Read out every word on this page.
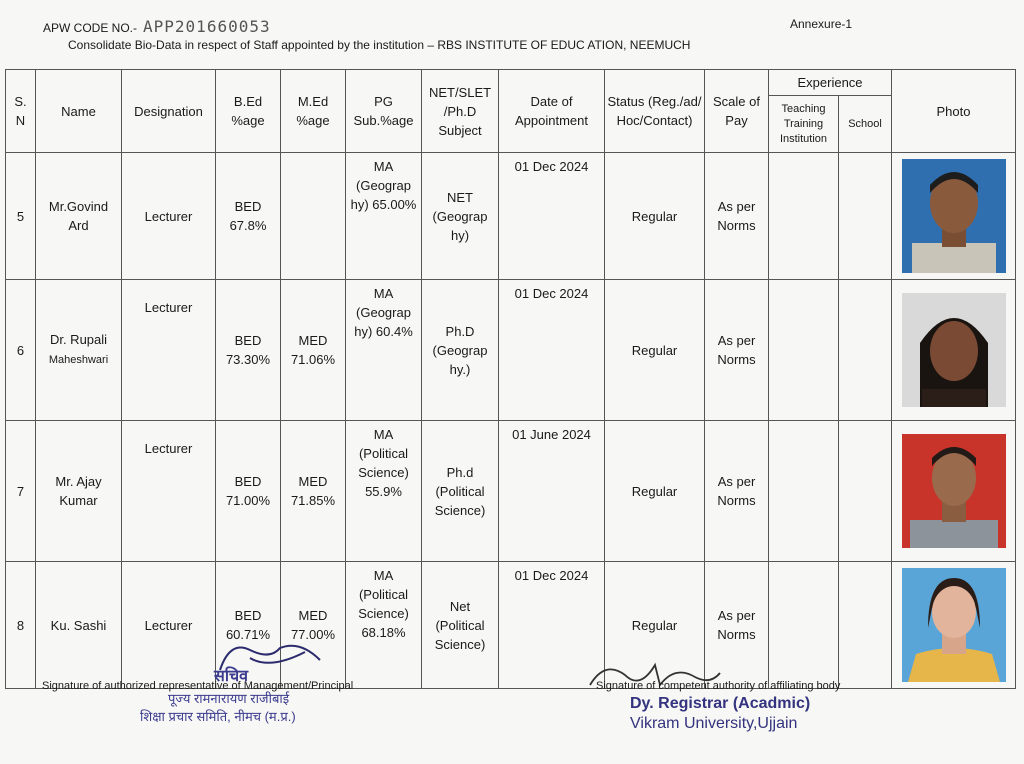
APW CODE NO.- APP201660053	Annexure-1
Consolidate Bio-Data in respect of Staff appointed by the institution – RBS INSTITUTE OF EDUC ATION, NEEMUCH
S. N	Name	Designation	B.Ed %age	M.Ed %age	PG Sub.%age	NET/SLET /Ph.D Subject	Date of Appointment	Status (Reg./ad/ Hoc/Contact)	Scale of Pay	Experience		Photo
										Teaching Training Institution	School	
5	Mr.Govind Ard	Lecturer	BED 67.8%		MA (Geograp hy) 65.00%	NET (Geograp hy)	01 Dec 2024	Regular	As per Norms			

6	Dr. Rupali
Maheshwari	Lecturer	BED 73.30%	MED 71.06%	MA (Geograp hy) 60.4%	Ph.D (Geograp hy.)	01 Dec 2024	Regular	As per Norms			

7	Mr. Ajay Kumar	Lecturer	BED 71.00%	MED 71.85%	MA (Political Science) 55.9%	Ph.d (Political Science)	01 June 2024	Regular	As per Norms			

8	Ku. Sashi	Lecturer	BED 60.71%	MED 77.00%	MA (Political Science) 68.18%	Net (Political Science)	01 Dec 2024	Regular	As per Norms			
Signature of authorized representative of Management/Principal	Signature of competent authority of affiliating body
सचिव
पूज्य रामनारायण राजीबाई
शिक्षा प्रचार समिति, नीमच (म.प्र.)
Dy. Registrar (Acadmic)
Vikram University,Ujjain
